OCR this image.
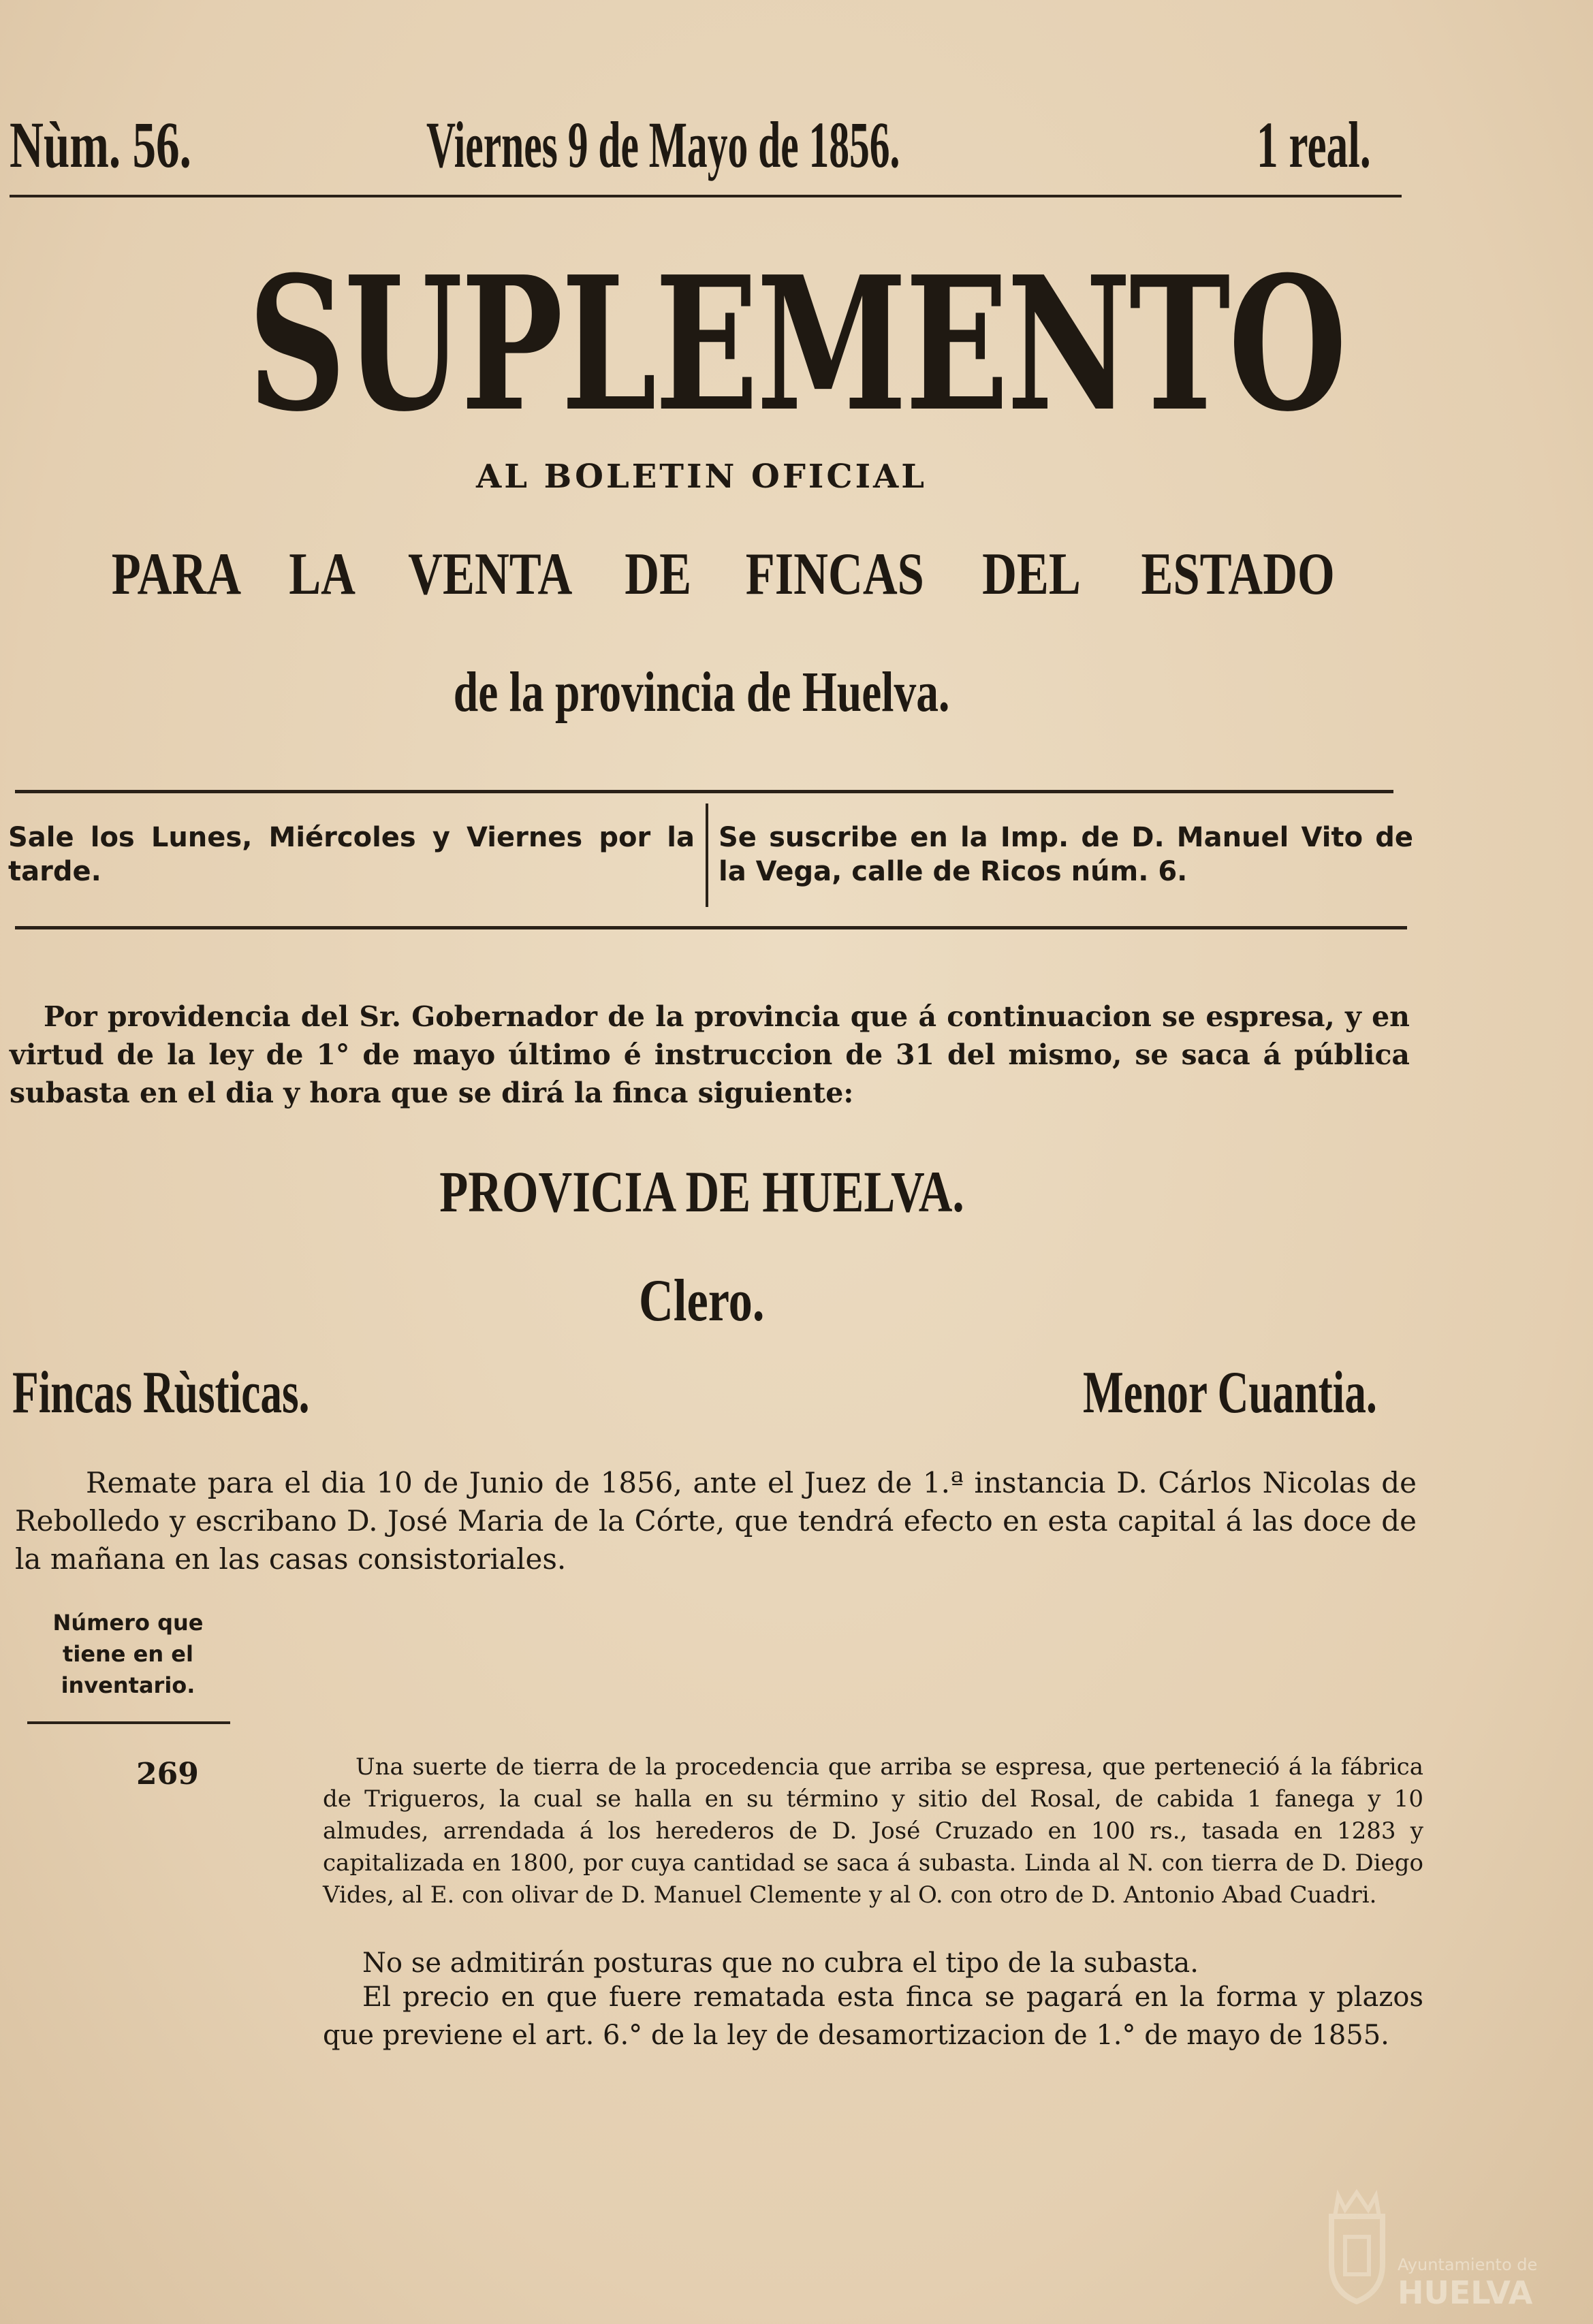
Nùm. 56.	Viernes 9 de Mayo de 1856.	1 real.
SUPLEMENTO
AL BOLETIN OFICIAL
PARA LA VENTA DE FINCAS DEL ESTADO
de la provincia de Huelva.
Sale los Lunes, Miércoles y Viernes por la tarde.
Se suscribe en la Imp. de D. Manuel Vito de la Vega, calle de Ricos núm. 6.
Por providencia del Sr. Gobernador de la provincia que á continuacion se espresa, y en virtud de la ley de 1° de mayo último é instruccion de 31 del mismo, se saca á pública subasta en el dia y hora que se dirá la finca siguiente:
PROVICIA DE HUELVA.
Clero.
Fincas Rùsticas.	Menor Cuantia.
Remate para el dia 10 de Junio de 1856, ante el Juez de 1.ª instancia D. Cárlos Nicolas de Rebolledo y escribano D. José Maria de la Córte, que tendrá efecto en esta capital á las doce de la mañana en las casas consistoriales.
Número que tiene en el inventario.
269	Una suerte de tierra de la procedencia que arriba se espresa, que perteneció á la fábrica de Trigueros, la cual se halla en su término y sitio del Rosal, de cabida 1 fanega y 10 almudes, arrendada á los herederos de D. José Cruzado en 100 rs., tasada en 1283 y capitalizada en 1800, por cuya cantidad se saca á subasta. Linda al N. con tierra de D. Diego Vides, al E. con olivar de D. Manuel Clemente y al O. con otro de D. Antonio Abad Cuadri.
No se admitirán posturas que no cubra el tipo de la subasta.
El precio en que fuere rematada esta finca se pagará en la forma y plazos que previene el art. 6.° de la ley de desamortizacion de 1.° de mayo de 1855.
Ayuntamiento de
HUELVA
